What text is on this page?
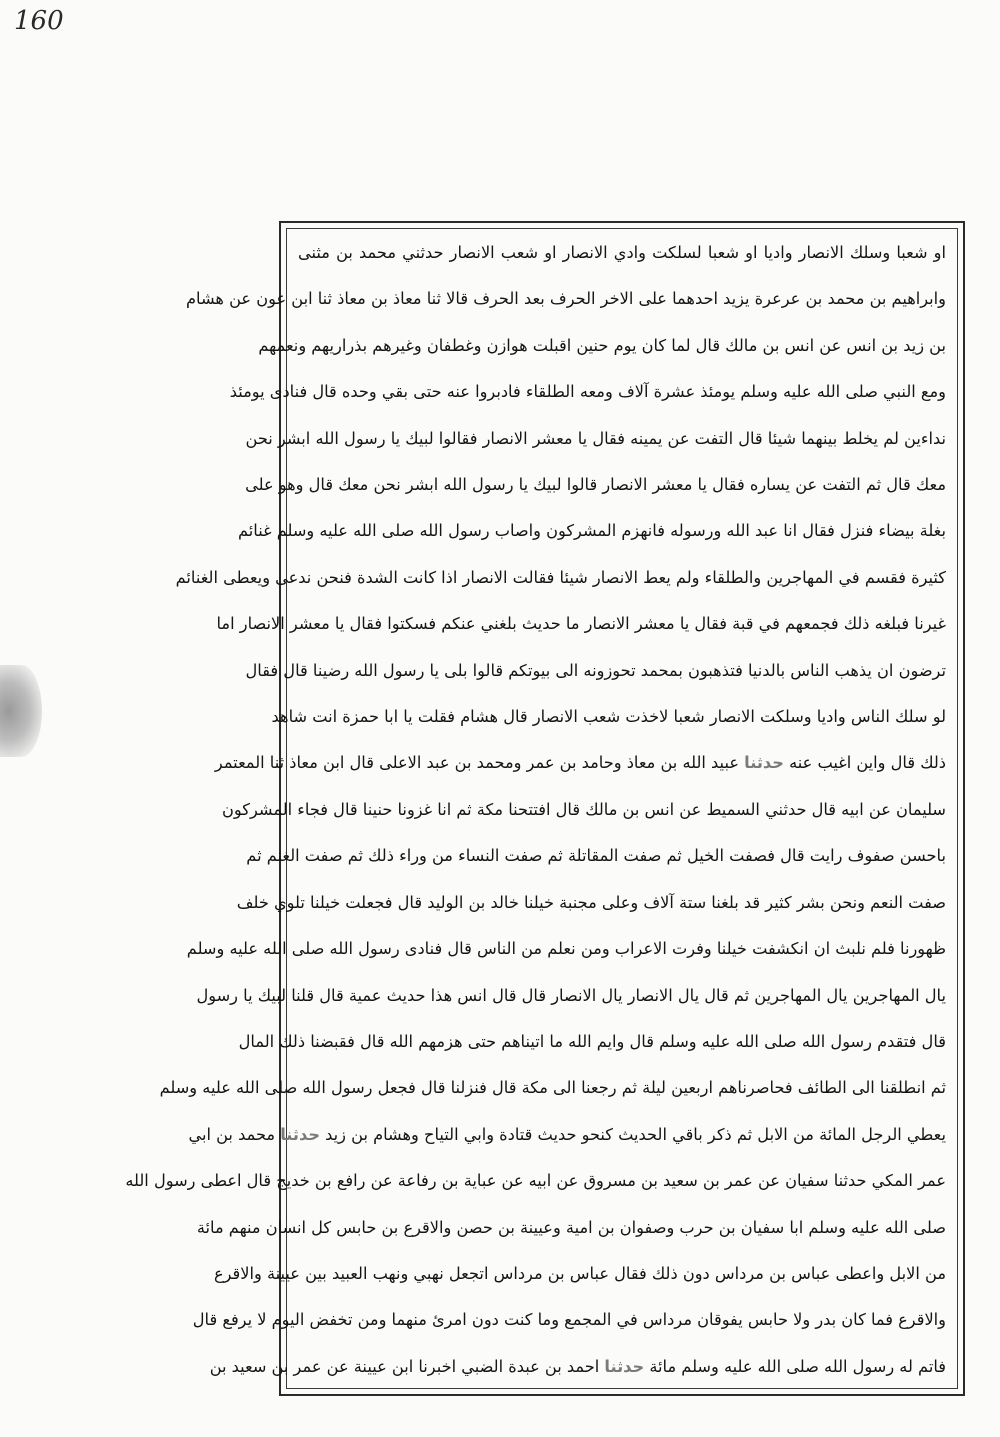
160
او شعبا وسلك الانصار واديا او شعبا لسلكت وادي الانصار او شعب الانصار حدثني محمد بن مثنى
وابراهيم بن محمد بن عرعرة يزيد احدهما على الاخر الحرف بعد الحرف قالا ثنا معاذ بن معاذ ثنا ابن عون عن هشام
بن زيد بن انس عن انس بن مالك قال لما كان يوم حنين اقبلت هوازن وغطفان وغيرهم بذراريهم ونعمهم
ومع النبي صلى الله عليه وسلم يومئذ عشرة آلاف ومعه الطلقاء فادبروا عنه حتى بقي وحده قال فنادى يومئذ
نداءين لم يخلط بينهما شيئا قال التفت عن يمينه فقال يا معشر الانصار فقالوا لبيك يا رسول الله ابشر نحن
معك قال ثم التفت عن يساره فقال يا معشر الانصار قالوا لبيك يا رسول الله ابشر نحن معك قال وهو على
بغلة بيضاء فنزل فقال انا عبد الله ورسوله فانهزم المشركون واصاب رسول الله صلى الله عليه وسلم غنائم
كثيرة فقسم في المهاجرين والطلقاء ولم يعط الانصار شيئا فقالت الانصار اذا كانت الشدة فنحن ندعى ويعطى الغنائم
غيرنا فبلغه ذلك فجمعهم في قبة فقال يا معشر الانصار ما حديث بلغني عنكم فسكتوا فقال يا معشر الانصار اما
ترضون ان يذهب الناس بالدنيا فتذهبون بمحمد تحوزونه الى بيوتكم قالوا بلى يا رسول الله رضينا قال فقال
لو سلك الناس واديا وسلكت الانصار شعبا لاخذت شعب الانصار قال هشام فقلت يا ابا حمزة انت شاهد
ذلك قال واين اغيب عنه حدثنا عبيد الله بن معاذ وحامد بن عمر ومحمد بن عبد الاعلى قال ابن معاذ ثنا المعتمر
سليمان عن ابيه قال حدثني السميط عن انس بن مالك قال افتتحنا مكة ثم انا غزونا حنينا قال فجاء المشركون
باحسن صفوف رايت قال فصفت الخيل ثم صفت المقاتلة ثم صفت النساء من وراء ذلك ثم صفت الغنم ثم
صفت النعم ونحن بشر كثير قد بلغنا ستة آلاف وعلى مجنبة خيلنا خالد بن الوليد قال فجعلت خيلنا تلوي خلف
ظهورنا فلم نلبث ان انكشفت خيلنا وفرت الاعراب ومن نعلم من الناس قال فنادى رسول الله صلى الله عليه وسلم
يال المهاجرين يال المهاجرين ثم قال يال الانصار يال الانصار قال قال انس هذا حديث عمية قال قلنا لبيك يا رسول
قال فتقدم رسول الله صلى الله عليه وسلم قال وايم الله ما اتيناهم حتى هزمهم الله قال فقبضنا ذلك المال
ثم انطلقنا الى الطائف فحاصرناهم اربعين ليلة ثم رجعنا الى مكة قال فنزلنا قال فجعل رسول الله صلى الله عليه وسلم
يعطي الرجل المائة من الابل ثم ذكر باقي الحديث كنحو حديث قتادة وابي التياح وهشام بن زيد حدثنا محمد بن ابي
عمر المكي حدثنا سفيان عن عمر بن سعيد بن مسروق عن ابيه عن عباية بن رفاعة عن رافع بن خديج قال اعطى رسول الله
صلى الله عليه وسلم ابا سفيان بن حرب وصفوان بن امية وعيينة بن حصن والاقرع بن حابس كل انسان منهم مائة
من الابل واعطى عباس بن مرداس دون ذلك فقال عباس بن مرداس اتجعل نهبي ونهب العبيد بين عيينة والاقرع
والاقرع فما كان بدر ولا حابس يفوقان مرداس في المجمع وما كنت دون امرئ منهما ومن تخفض اليوم لا يرفع قال
فاتم له رسول الله صلى الله عليه وسلم مائة حدثنا احمد بن عبدة الضبي اخبرنا ابن عيينة عن عمر بن سعيد بن
